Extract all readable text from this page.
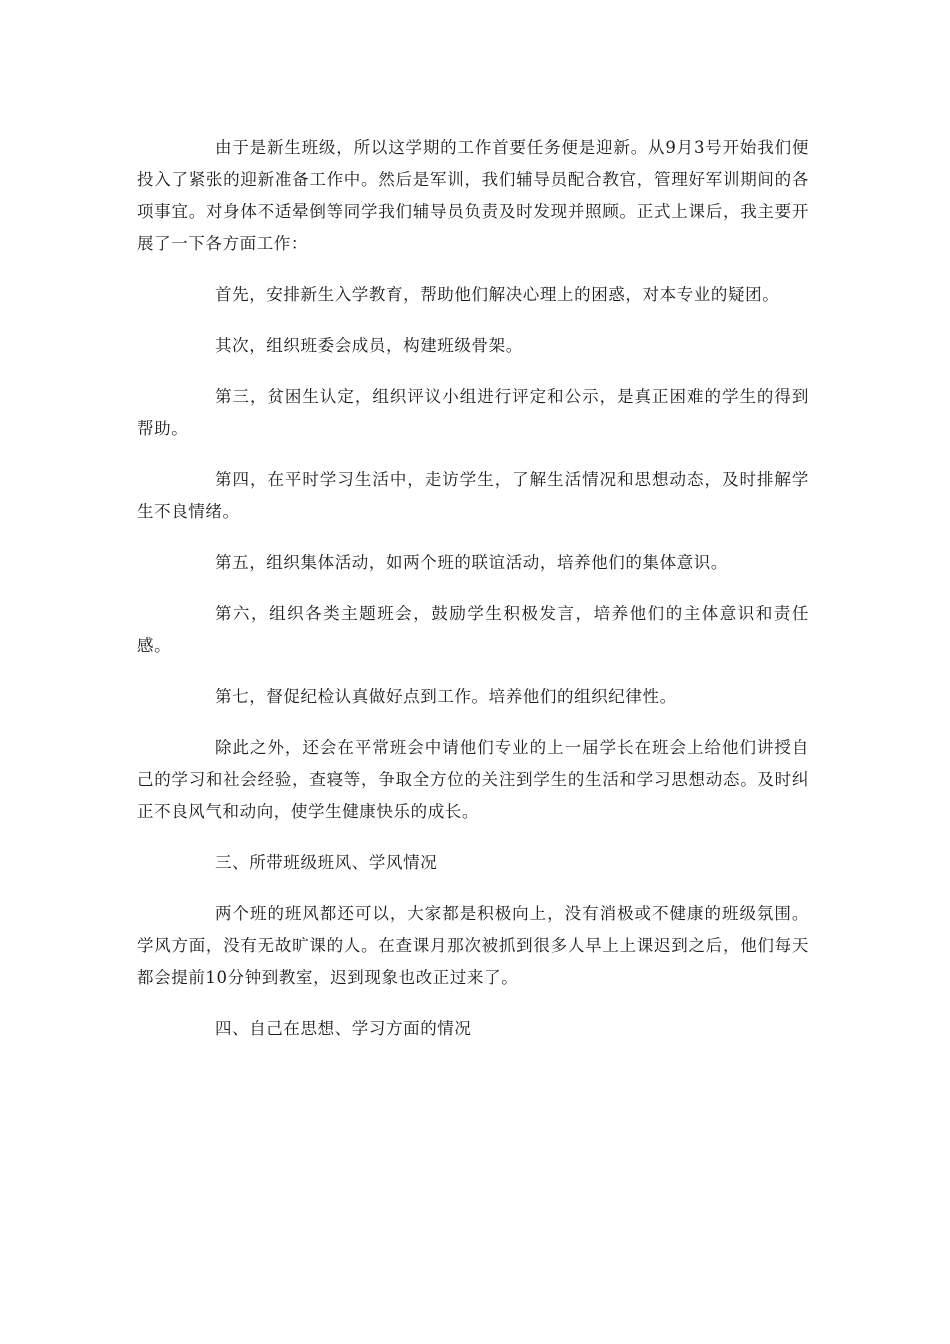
由于是新生班级，所以这学期的工作首要任务便是迎新。从9月3号开始我们便投入了紧张的迎新准备工作中。然后是军训，我们辅导员配合教官，管理好军训期间的各项事宜。对身体不适晕倒等同学我们辅导员负责及时发现并照顾。正式上课后，我主要开展了一下各方面工作：

首先，安排新生入学教育，帮助他们解决心理上的困惑，对本专业的疑团。

其次，组织班委会成员，构建班级骨架。

第三，贫困生认定，组织评议小组进行评定和公示，是真正困难的学生的得到帮助。

第四，在平时学习生活中，走访学生，了解生活情况和思想动态，及时排解学生不良情绪。

第五，组织集体活动，如两个班的联谊活动，培养他们的集体意识。

第六，组织各类主题班会，鼓励学生积极发言，培养他们的主体意识和责任感。

第七，督促纪检认真做好点到工作。培养他们的组织纪律性。

除此之外，还会在平常班会中请他们专业的上一届学长在班会上给他们讲授自己的学习和社会经验，查寝等，争取全方位的关注到学生的生活和学习思想动态。及时纠正不良风气和动向，使学生健康快乐的成长。

三、所带班级班风、学风情况

两个班的班风都还可以，大家都是积极向上，没有消极或不健康的班级氛围。学风方面，没有无故旷课的人。在查课月那次被抓到很多人早上上课迟到之后，他们每天都会提前10分钟到教室，迟到现象也改正过来了。

四、自己在思想、学习方面的情况
